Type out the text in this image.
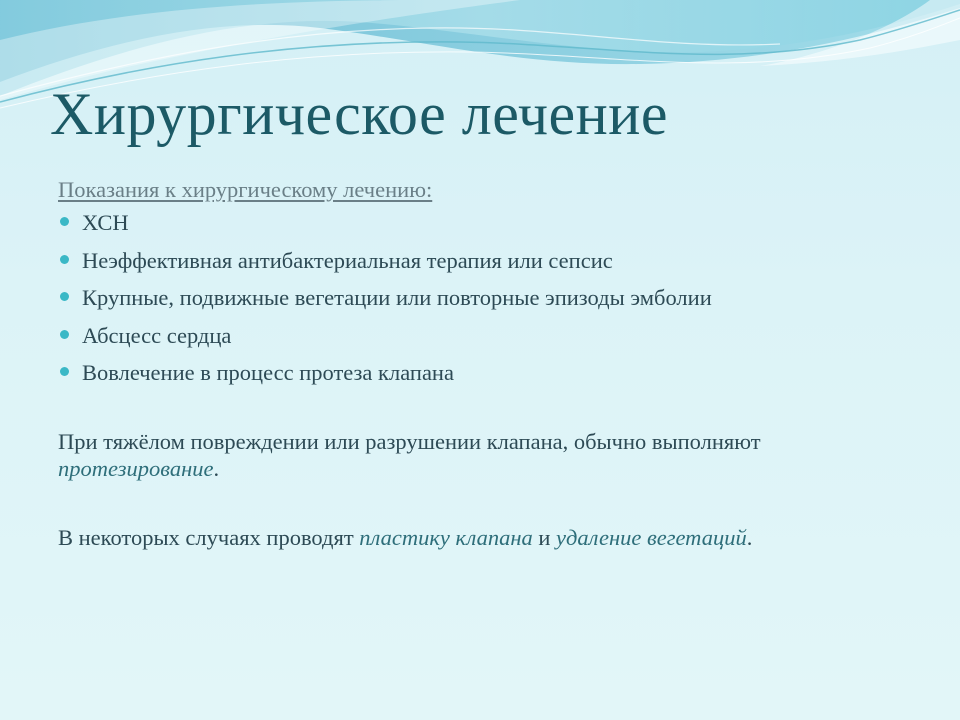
Хирургическое лечение

Показания к хирургическому лечению:

ХСН
Неэффективная антибактериальная терапия или сепсис
Крупные, подвижные вегетации или повторные эпизоды эмболии
Абсцесс сердца
Вовлечение в процесс протеза клапана

При тяжёлом повреждении или разрушении клапана, обычно выполняют протезирование.

В некоторых случаях проводят пластику клапана и удаление вегетаций.
